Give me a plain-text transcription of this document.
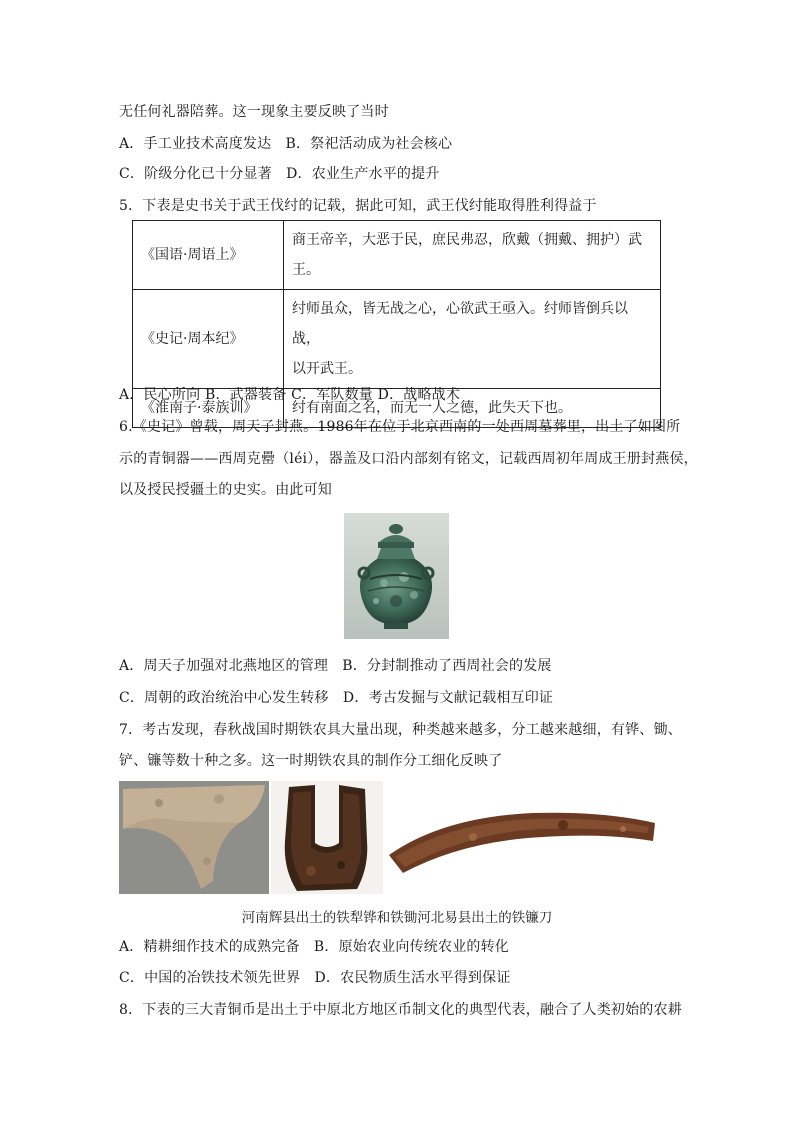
无任何礼器陪葬。这一现象主要反映了当时
A．手工业技术高度发达　B．祭祀活动成为社会核心
C．阶级分化已十分显著　D．农业生产水平的提升
5．下表是史书关于武王伐纣的记载，据此可知，武王伐纣能取得胜利得益于
《国语·周语上》	商王帝辛，大恶于民，庶民弗忍，欣戴（拥戴、拥护）武王。
《史记·周本纪》	纣师虽众，皆无战之心，心欲武王亟入。纣师皆倒兵以战，
以开武王。
《淮南子·泰族训》	纣有南面之名，而无一人之德，此失天下也。
A．民心所向 B．武器装备 C．军队数量 D．战略战术
6.《史记》曾载，周天子封燕。1986年在位于北京西南的一处西周墓葬里，出土了如图所
示的青铜器——西周克罍（léi），器盖及口沿内部刻有铭文，记载西周初年周成王册封燕侯，
以及授民授疆土的史实。由此可知
A．周天子加强对北燕地区的管理　B．分封制推动了西周社会的发展
C．周朝的政治统治中心发生转移　D．考古发掘与文献记载相互印证
7．考古发现，春秋战国时期铁农具大量出现，种类越来越多，分工越来越细，有铧、锄、
铲、镰等数十种之多。这一时期铁农具的制作分工细化反映了
河南辉县出土的铁犁铧和铁锄河北易县出土的铁镰刀
A．精耕细作技术的成熟完备　B．原始农业向传统农业的转化
C．中国的冶铁技术领先世界　D．农民物质生活水平得到保证
8．下表的三大青铜币是出土于中原北方地区币制文化的典型代表，融合了人类初始的农耕
